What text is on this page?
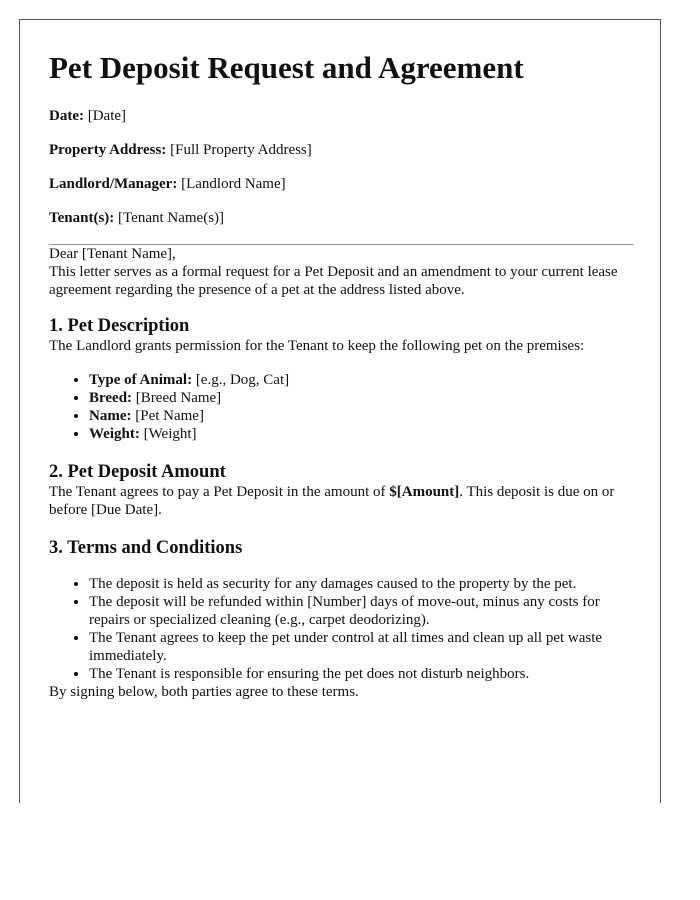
Pet Deposit Request and Agreement

Date: [Date]

Property Address: [Full Property Address]

Landlord/Manager: [Landlord Name]

Tenant(s): [Tenant Name(s)]

Dear [Tenant Name],

This letter serves as a formal request for a Pet Deposit and an amendment to your current lease agreement regarding the presence of a pet at the address listed above.

1. Pet Description

The Landlord grants permission for the Tenant to keep the following pet on the premises:

• Type of Animal: [e.g., Dog, Cat]
• Breed: [Breed Name]
• Name: [Pet Name]
• Weight: [Weight]
2. Pet Deposit Amount

The Tenant agrees to pay a Pet Deposit in the amount of $[Amount]. This deposit is due on or before [Due Date].

3. Terms and Conditions
• The deposit is held as security for any damages caused to the property by the pet.
• The deposit will be refunded within [Number] days of move-out, minus any costs for repairs or specialized cleaning (e.g., carpet deodorizing).
• The Tenant agrees to keep the pet under control at all times and clean up all pet waste immediately.
• The Tenant is responsible for ensuring the pet does not disturb neighbors.

By signing below, both parties agree to these terms.
